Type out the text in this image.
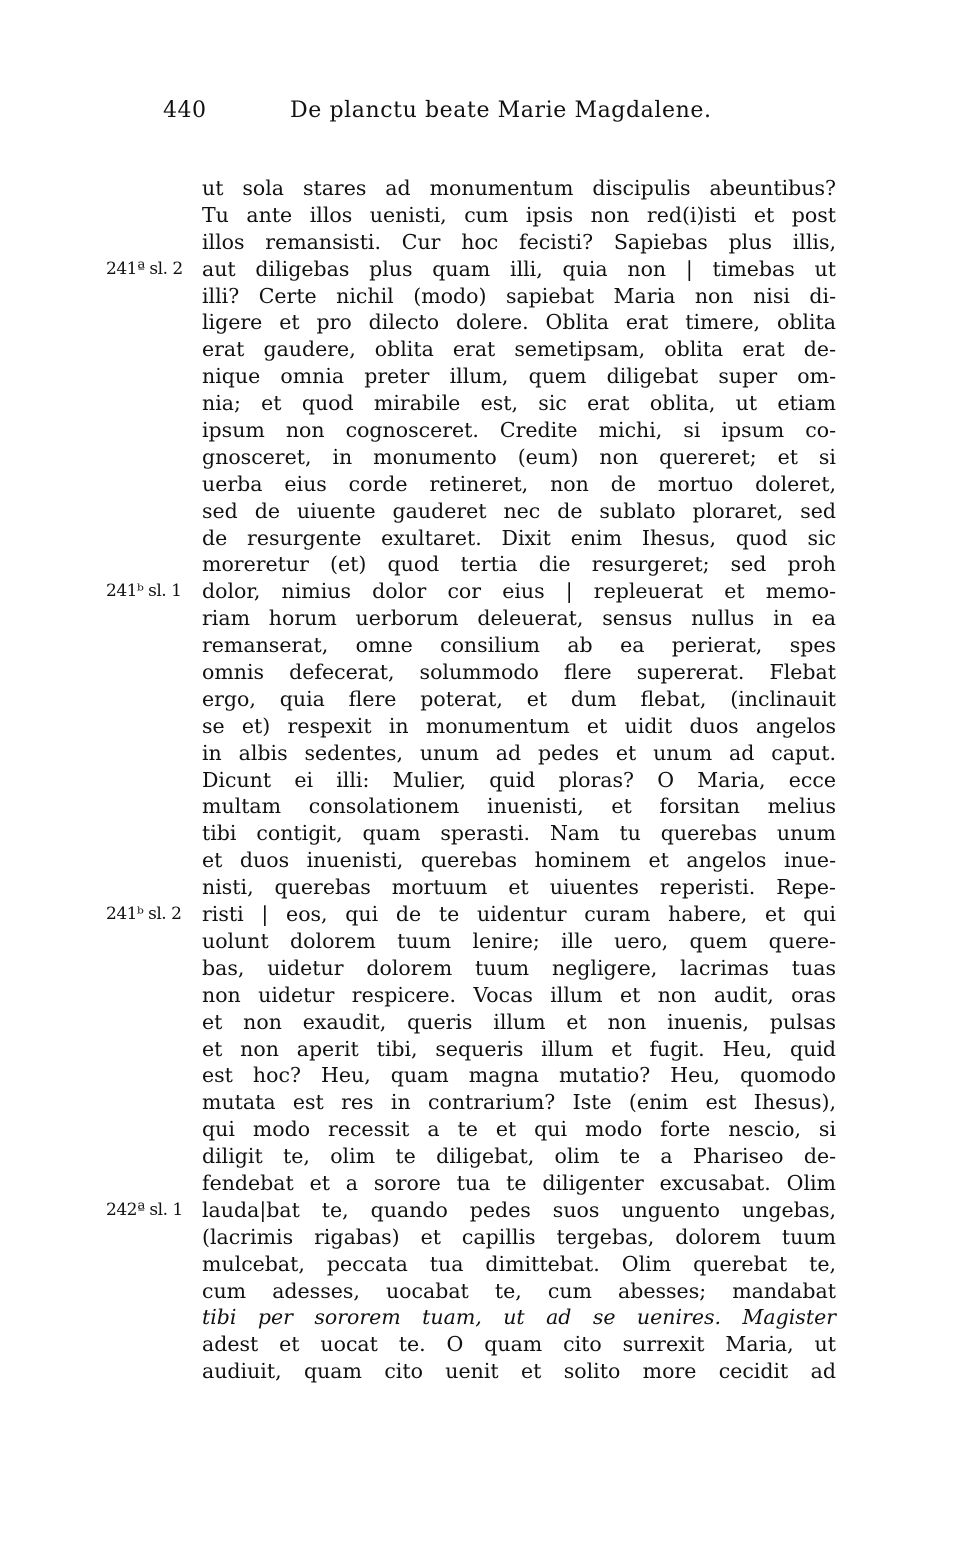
440	De planctu beate Marie Magdalene.
ut sola stares ad monumentum discipulis abeuntibus?
Tu ante illos uenisti, cum ipsis non red(i)isti et post
illos remansisti. Cur hoc fecisti? Sapiebas plus illis,
241ª sl. 2 aut diligebas plus quam illi, quia non | timebas ut
illi? Certe nichil (modo) sapiebat Maria non nisi di-
ligere et pro dilecto dolere. Oblita erat timere, oblita
erat gaudere, oblita erat semetipsam, oblita erat de-
nique omnia preter illum, quem diligebat super om-
nia; et quod mirabile est, sic erat oblita, ut etiam
ipsum non cognosceret. Credite michi, si ipsum co-
gnosceret, in monumento (eum) non quereret; et si
uerba eius corde retineret, non de mortuo doleret,
sed de uiuente gauderet nec de sublato ploraret, sed
de resurgente exultaret. Dixit enim Ihesus, quod sic
moreretur (et) quod tertia die resurgeret; sed proh
241ᵇ sl. 1	dolor, nimius dolor cor eius | repleuerat et memo-
riam horum uerborum deleuerat, sensus nullus in ea
remanserat, omne consilium ab ea perierat, spes
omnis defecerat, solummodo flere supererat. Flebat
ergo, quia flere poterat, et dum flebat, (inclinauit
se et) respexit in monumentum et uidit duos angelos
in albis sedentes, unum ad pedes et unum ad caput.
Dicunt ei illi: Mulier, quid ploras? O Maria, ecce
multam consolationem inuenisti, et forsitan melius
tibi contigit, quam sperasti. Nam tu querebas unum
et duos inuenisti, querebas hominem et angelos inue-
nisti, querebas mortuum et uiuentes reperisti. Repe-
241ᵇ sl. 2	risti | eos, qui de te uidentur curam habere, et qui
uolunt dolorem tuum lenire; ille uero, quem quere-
bas, uidetur dolorem tuum negligere, lacrimas tuas
non uidetur respicere. Vocas illum et non audit, oras
et non exaudit, queris illum et non inuenis, pulsas
et non aperit tibi, sequeris illum et fugit. Heu, quid
est hoc? Heu, quam magna mutatio? Heu, quomodo
mutata est res in contrarium? Iste (enim est Ihesus),
qui modo recessit a te et qui modo forte nescio, si
diligit te, olim te diligebat, olim te a Phariseo de-
fendebat et a sorore tua te diligenter excusabat. Olim
242ª sl. 1 lauda|bat te, quando pedes suos unguento ungebas,
(lacrimis rigabas) et capillis tergebas, dolorem tuum
mulcebat, peccata tua dimittebat. Olim querebat te,
cum adesses, uocabat te, cum abesses; mandabat
tibi per sororem tuam, ut ad se uenires. Magister
adest et uocat te. O quam cito surrexit Maria, ut
audiuit, quam cito uenit et solito more cecidit ad
